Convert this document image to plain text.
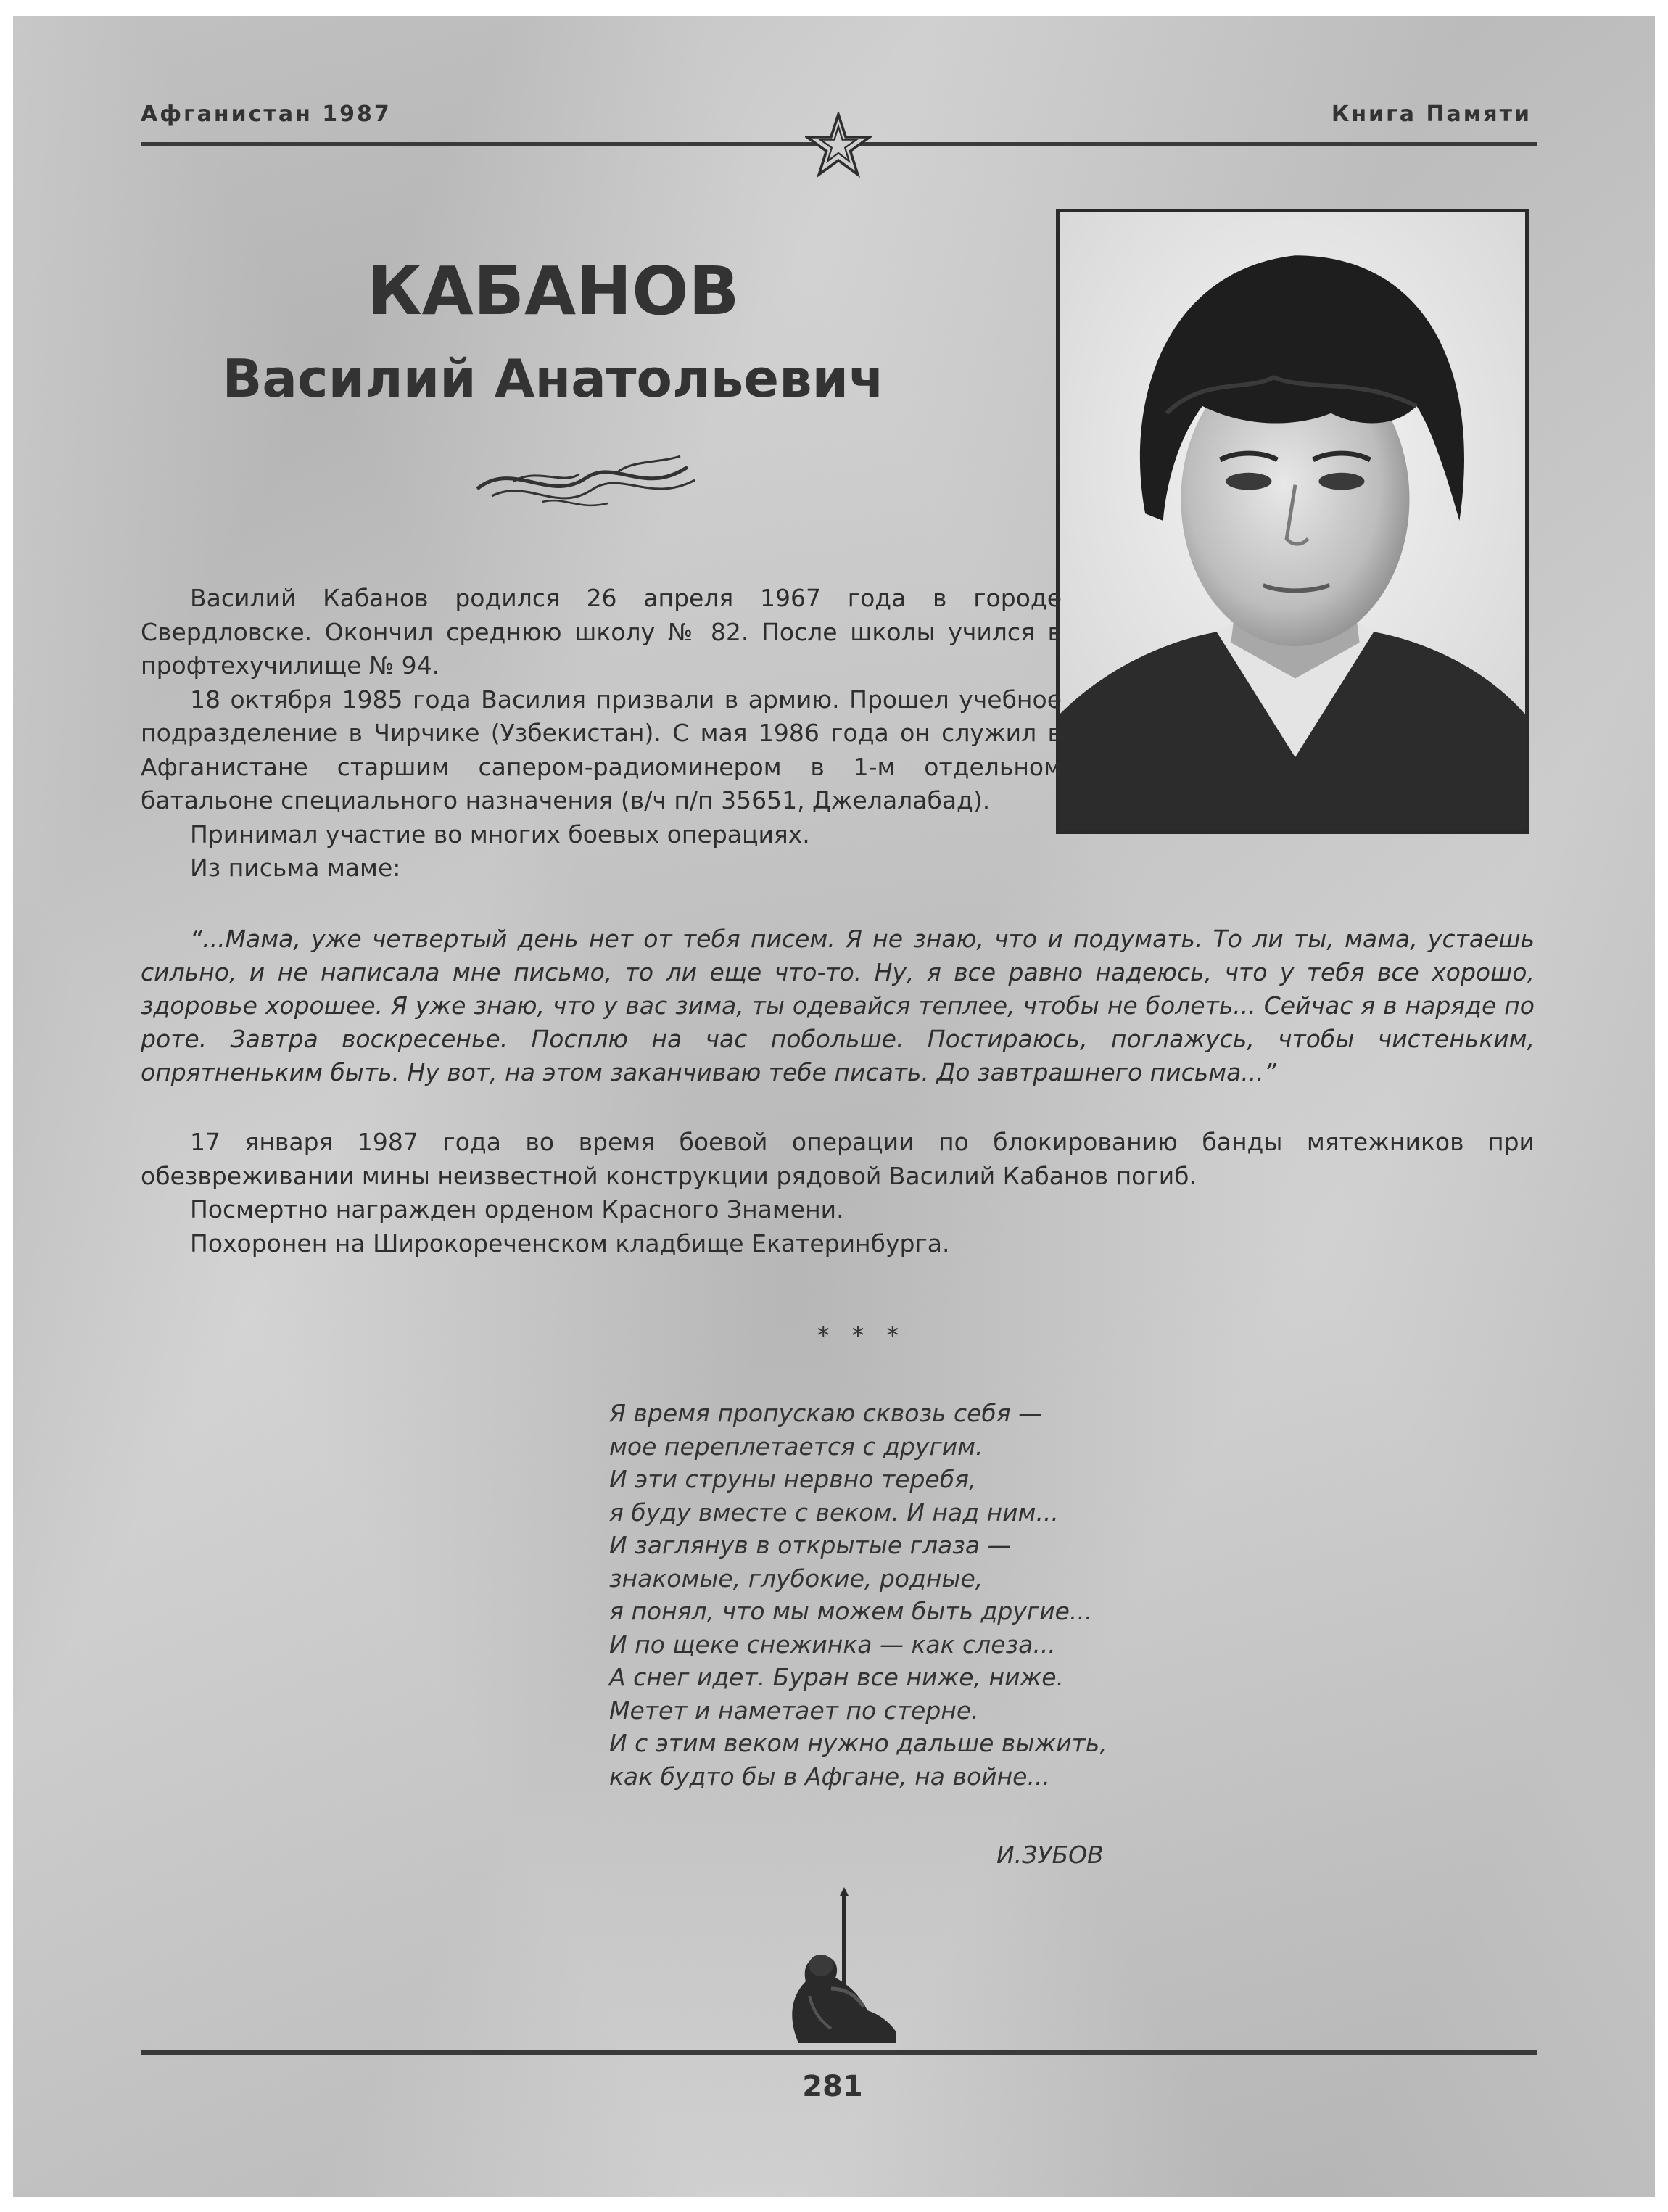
Афганистан 1987	Книга Памяти
КАБАНОВ
Василий Анатольевич

Василий Кабанов родился 26 апреля 1967 года в городе Свердловске. Окончил среднюю школу № 82. После школы учился в профтехучилище № 94.

18 октября 1985 года Василия призвали в армию. Прошел учебное подразделение в Чирчике (Узбекистан). С мая 1986 года он служил в Афганистане старшим сапером-радиоминером в 1-м отдельном батальоне специального назначения (в/ч п/п 35651, Джелалабад).

Принимал участие во многих боевых операциях.

Из письма маме:

“...Мама, уже четвертый день нет от тебя писем. Я не знаю, что и подумать. То ли ты, мама, устаешь сильно, и не написала мне письмо, то ли еще что-то. Ну, я все равно надеюсь, что у тебя все хорошо, здоровье хорошее. Я уже знаю, что у вас зима, ты одевайся теплее, чтобы не болеть... Сейчас я в наряде по роте. Завтра воскресенье. Посплю на час побольше. Постираюсь, поглажусь, чтобы чистеньким, опрятненьким быть. Ну вот, на этом заканчиваю тебе писать. До завтрашнего письма...”

17 января 1987 года во время боевой операции по блокированию банды мятежников при обезвреживании мины неизвестной конструкции рядовой Василий Кабанов погиб.

Посмертно награжден орденом Красного Знамени.

Похоронен на Широкореченском кладбище Екатеринбурга.

* * *
Я время пропускаю сквозь себя —
мое переплетается с другим.
И эти струны нервно теребя,
я буду вместе с веком. И над ним...
И заглянув в открытые глаза —
знакомые, глубокие, родные,
я понял, что мы можем быть другие...
И по щеке снежинка — как слеза...
А снег идет. Буран все ниже, ниже.
Метет и наметает по стерне.
И с этим веком нужно дальше выжить,
как будто бы в Афгане, на войне...
И.ЗУБОВ
281
